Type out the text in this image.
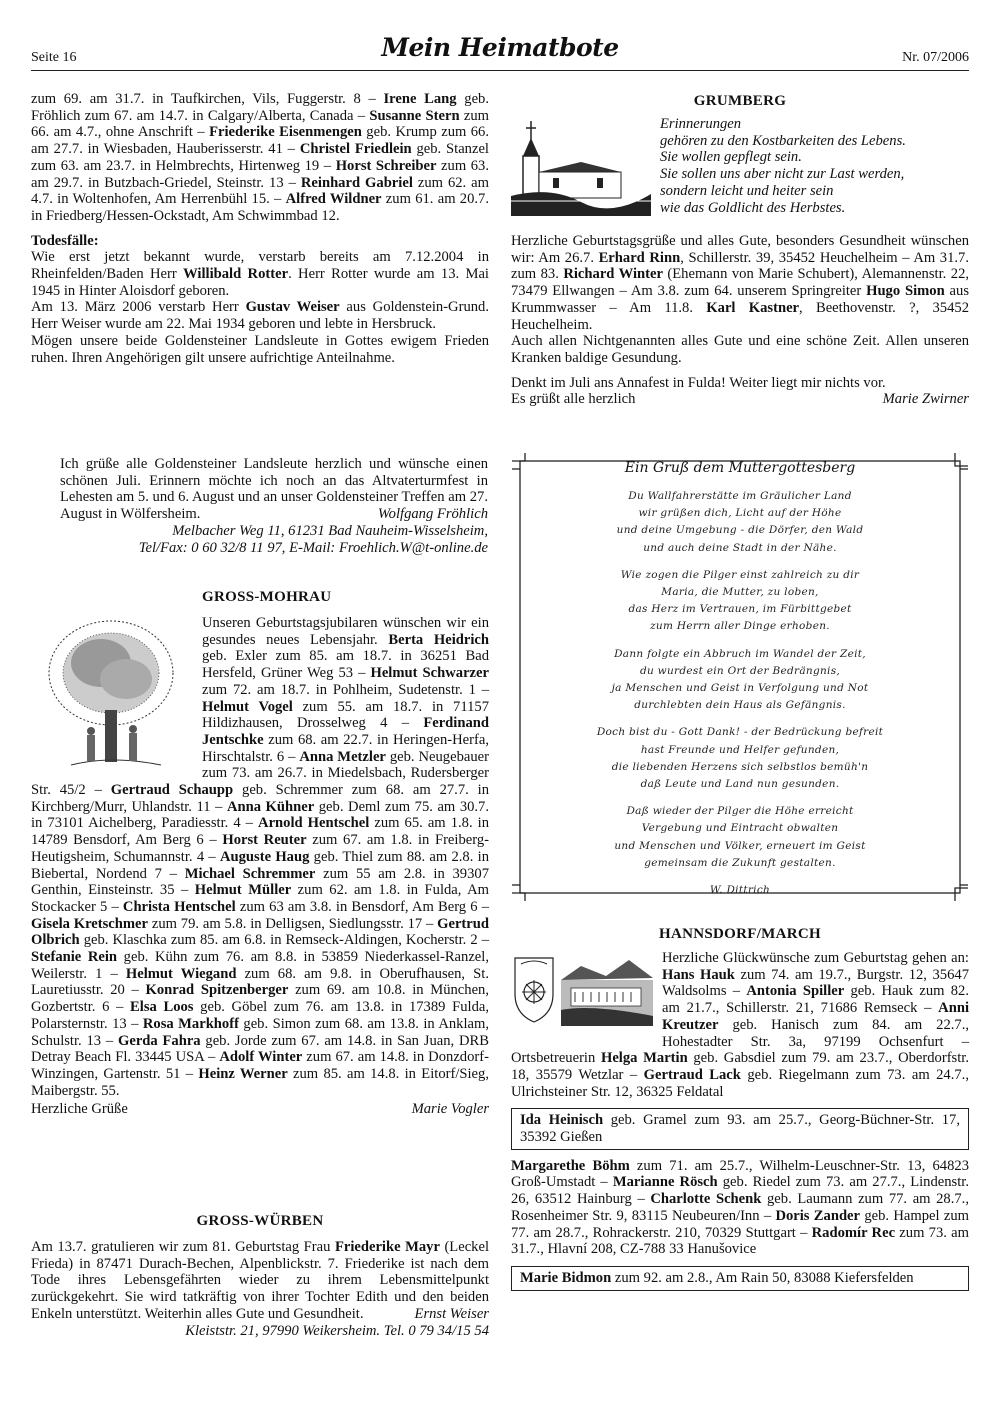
Seite 16	Mein Heimatbote	Nr. 07/2006

zum 69. am 31.7. in Taufkirchen, Vils, Fuggerstr. 8 – Irene Lang geb. Fröhlich zum 67. am 14.7. in Calgary/Alberta, Canada – Susanne Stern zum 66. am 4.7., ohne Anschrift – Friederike Eisenmengen geb. Krump zum 66. am 27.7. in Wiesbaden, Hauberisserstr. 41 – Christel Friedlein geb. Stanzel zum 63. am 23.7. in Helmbrechts, Hirtenweg 19 – Horst Schreiber zum 63. am 29.7. in Butzbach-Griedel, Steinstr. 13 – Reinhard Gabriel zum 62. am 4.7. in Woltenhofen, Am Herrenbühl 15. – Alfred Wildner zum 61. am 20.7. in Friedberg/Hessen-Ockstadt, Am Schwimmbad 12.

Todesfälle:

Wie erst jetzt bekannt wurde, verstarb bereits am 7.12.2004 in Rheinfelden/Baden Herr Willibald Rotter. Herr Rotter wurde am 13. Mai 1945 in Hinter Aloisdorf geboren.

Am 13. März 2006 verstarb Herr Gustav Weiser aus Goldenstein-Grund. Herr Weiser wurde am 22. Mai 1934 geboren und lebte in Hersbruck.

Mögen unsere beide Goldensteiner Landsleute in Gottes ewigem Frieden ruhen. Ihren Angehörigen gilt unsere aufrichtige Anteilnahme.

Ich grüße alle Goldensteiner Landsleute herzlich und wünsche einen schönen Juli. Erinnern möchte ich noch an das Altvaterturmfest in Lehesten am 5. und 6. August und an unser Goldensteiner Treffen am 27. August in Wölfersheim.	Wolfgang Fröhlich

Melbacher Weg 11, 61231 Bad Nauheim-Wisselsheim,

Tel/Fax: 0 60 32/8 11 97, E-Mail: Froehlich.W@t-online.de

GROSS-MOHRAU

Unseren Geburtstagsjubilaren wünschen wir ein gesundes neues Lebensjahr. Berta Heidrich geb. Exler zum 85. am 18.7. in 36251 Bad Hersfeld, Grüner Weg 53 – Helmut Schwarzer zum 72. am 18.7. in Pohlheim, Sudetenstr. 1 – Helmut Vogel zum 55. am 18.7. in 71157 Hildizhausen, Drosselweg 4 – Ferdinand Jentschke zum 68. am 22.7. in Heringen-Herfa, Hirschtalstr. 6 – Anna Metzler geb. Neugebauer zum 73. am 26.7. in Miedelsbach, Rudersberger Str. 45/2 – Gertraud Schaupp geb. Schremmer zum 68. am 27.7. in Kirchberg/Murr, Uhlandstr. 11 – Anna Kühner geb. Deml zum 75. am 30.7. in 73101 Aichelberg, Paradiesstr. 4 – Arnold Hentschel zum 65. am 1.8. in 14789 Bensdorf, Am Berg 6 – Horst Reuter zum 67. am 1.8. in Freiberg-Heutigsheim, Schumannstr. 4 – Auguste Haug geb. Thiel zum 88. am 2.8. in Biebertal, Nordend 7 – Michael Schremmer zum 55 am 2.8. in 39307 Genthin, Einsteinstr. 35 – Helmut Müller zum 62. am 1.8. in Fulda, Am Stockacker 5 – Christa Hentschel zum 63 am 3.8. in Bensdorf, Am Berg 6 – Gisela Kretschmer zum 79. am 5.8. in Delligsen, Siedlungsstr. 17 – Gertrud Olbrich geb. Klaschka zum 85. am 6.8. in Remseck-Aldingen, Kocherstr. 2 – Stefanie Rein geb. Kühn zum 76. am 8.8. in 53859 Niederkassel-Ranzel, Weilerstr. 1 – Helmut Wiegand zum 68. am 9.8. in Oberufhausen, St. Lauretiusstr. 20 – Konrad Spitzenberger zum 69. am 10.8. in München, Gozbertstr. 6 – Elsa Loos geb. Göbel zum 76. am 13.8. in 17389 Fulda, Polarsternstr. 13 – Rosa Markhoff geb. Simon zum 68. am 13.8. in Anklam, Schulstr. 13 – Gerda Fahra geb. Jorde zum 67. am 14.8. in San Juan, DRB Detray Beach Fl. 33445 USA – Adolf Winter zum 67. am 14.8. in Donzdorf-Winzingen, Gartenstr. 51 – Heinz Werner zum 85. am 14.8. in Eitorf/Sieg, Maibergstr. 55.

Herzliche Grüße	Marie Vogler

GROSS-WÜRBEN

Am 13.7. gratulieren wir zum 81. Geburtstag Frau Friederike Mayr (Leckel Frieda) in 87471 Durach-Bechen, Alpenblickstr. 7. Friederike ist nach dem Tode ihres Lebensgefährten wieder zu ihrem Lebensmittelpunkt zurückgekehrt. Sie wird tatkräftig von ihrer Tochter Edith und den beiden Enkeln unterstützt. Weiterhin alles Gute und Gesundheit.	Ernst Weiser

Kleiststr. 21, 97990 Weikersheim. Tel. 0 79 34/15 54

GRUMBERG

Erinnerungen

gehören zu den Kostbarkeiten des Lebens.

Sie wollen gepflegt sein.

Sie sollen uns aber nicht zur Last werden,

sondern leicht und heiter sein

wie das Goldlicht des Herbstes.

Herzliche Geburtstagsgrüße und alles Gute, besonders Gesundheit wünschen wir: Am 26.7. Erhard Rinn, Schillerstr. 39, 35452 Heuchelheim – Am 31.7. zum 83. Richard Winter (Ehemann von Marie Schubert), Alemannenstr. 22, 73479 Ellwangen – Am 3.8. zum 64. unserem Springreiter Hugo Simon aus Krummwasser – Am 11.8. Karl Kastner, Beethovenstr. ?, 35452 Heuchelheim.

Auch allen Nichtgenannten alles Gute und eine schöne Zeit. Allen unseren Kranken baldige Gesundung.

Denkt im Juli ans Annafest in Fulda! Weiter liegt mir nichts vor.

Es grüßt alle herzlich	Marie Zwirner

Ein Gruß dem Muttergottesberg
Du Wallfahrerstätte im Gräulicher Land
wir grüßen dich, Licht auf der Höhe
und deine Umgebung - die Dörfer, den Wald
und auch deine Stadt in der Nähe.
Wie zogen die Pilger einst zahlreich zu dir
Maria, die Mutter, zu loben,
das Herz im Vertrauen, im Fürbittgebet
zum Herrn aller Dinge erhoben.
Dann folgte ein Abbruch im Wandel der Zeit,
du wurdest ein Ort der Bedrängnis,
ja Menschen und Geist in Verfolgung und Not
durchlebten dein Haus als Gefängnis.
Doch bist du - Gott Dank! - der Bedrückung befreit
hast Freunde und Helfer gefunden,
die liebenden Herzens sich selbstlos bemüh'n
daß Leute und Land nun gesunden.
Daß wieder der Pilger die Höhe erreicht
Vergebung und Eintracht obwalten
und Menschen und Völker, erneuert im Geist
gemeinsam die Zukunft gestalten.
W. Dittrich
HANNSDORF/MARCH

Herzliche Glückwünsche zum Geburtstag gehen an: Hans Hauk zum 74. am 19.7., Burgstr. 12, 35647 Waldsolms – Antonia Spiller geb. Hauk zum 82. am 21.7., Schillerstr. 21, 71686 Remseck – Anni Kreutzer geb. Hanisch zum 84. am 22.7., Hohestadter Str. 3a, 97199 Ochsenfurt – Ortsbetreuerin Helga Martin geb. Gabsdiel zum 79. am 23.7., Oberdorfstr. 18, 35579 Wetzlar – Gertraud Lack geb. Riegelmann zum 73. am 24.7., Ulrichsteiner Str. 12, 36325 Feldatal

Ida Heinisch geb. Gramel zum 93. am 25.7., Georg-Büchner-Str. 17, 35392 Gießen

Margarethe Böhm zum 71. am 25.7., Wilhelm-Leuschner-Str. 13, 64823 Groß-Umstadt – Marianne Rösch geb. Riedel zum 73. am 27.7., Lindenstr. 26, 63512 Hainburg – Charlotte Schenk geb. Laumann zum 77. am 28.7., Rosenheimer Str. 9, 83115 Neubeuren/Inn – Doris Zander geb. Hampel zum 77. am 28.7., Rohrackerstr. 210, 70329 Stuttgart – Radomír Rec zum 73. am 31.7., Hlavní 208, CZ-788 33 Hanušovice

Marie Bidmon zum 92. am 2.8., Am Rain 50, 83088 Kiefersfelden
